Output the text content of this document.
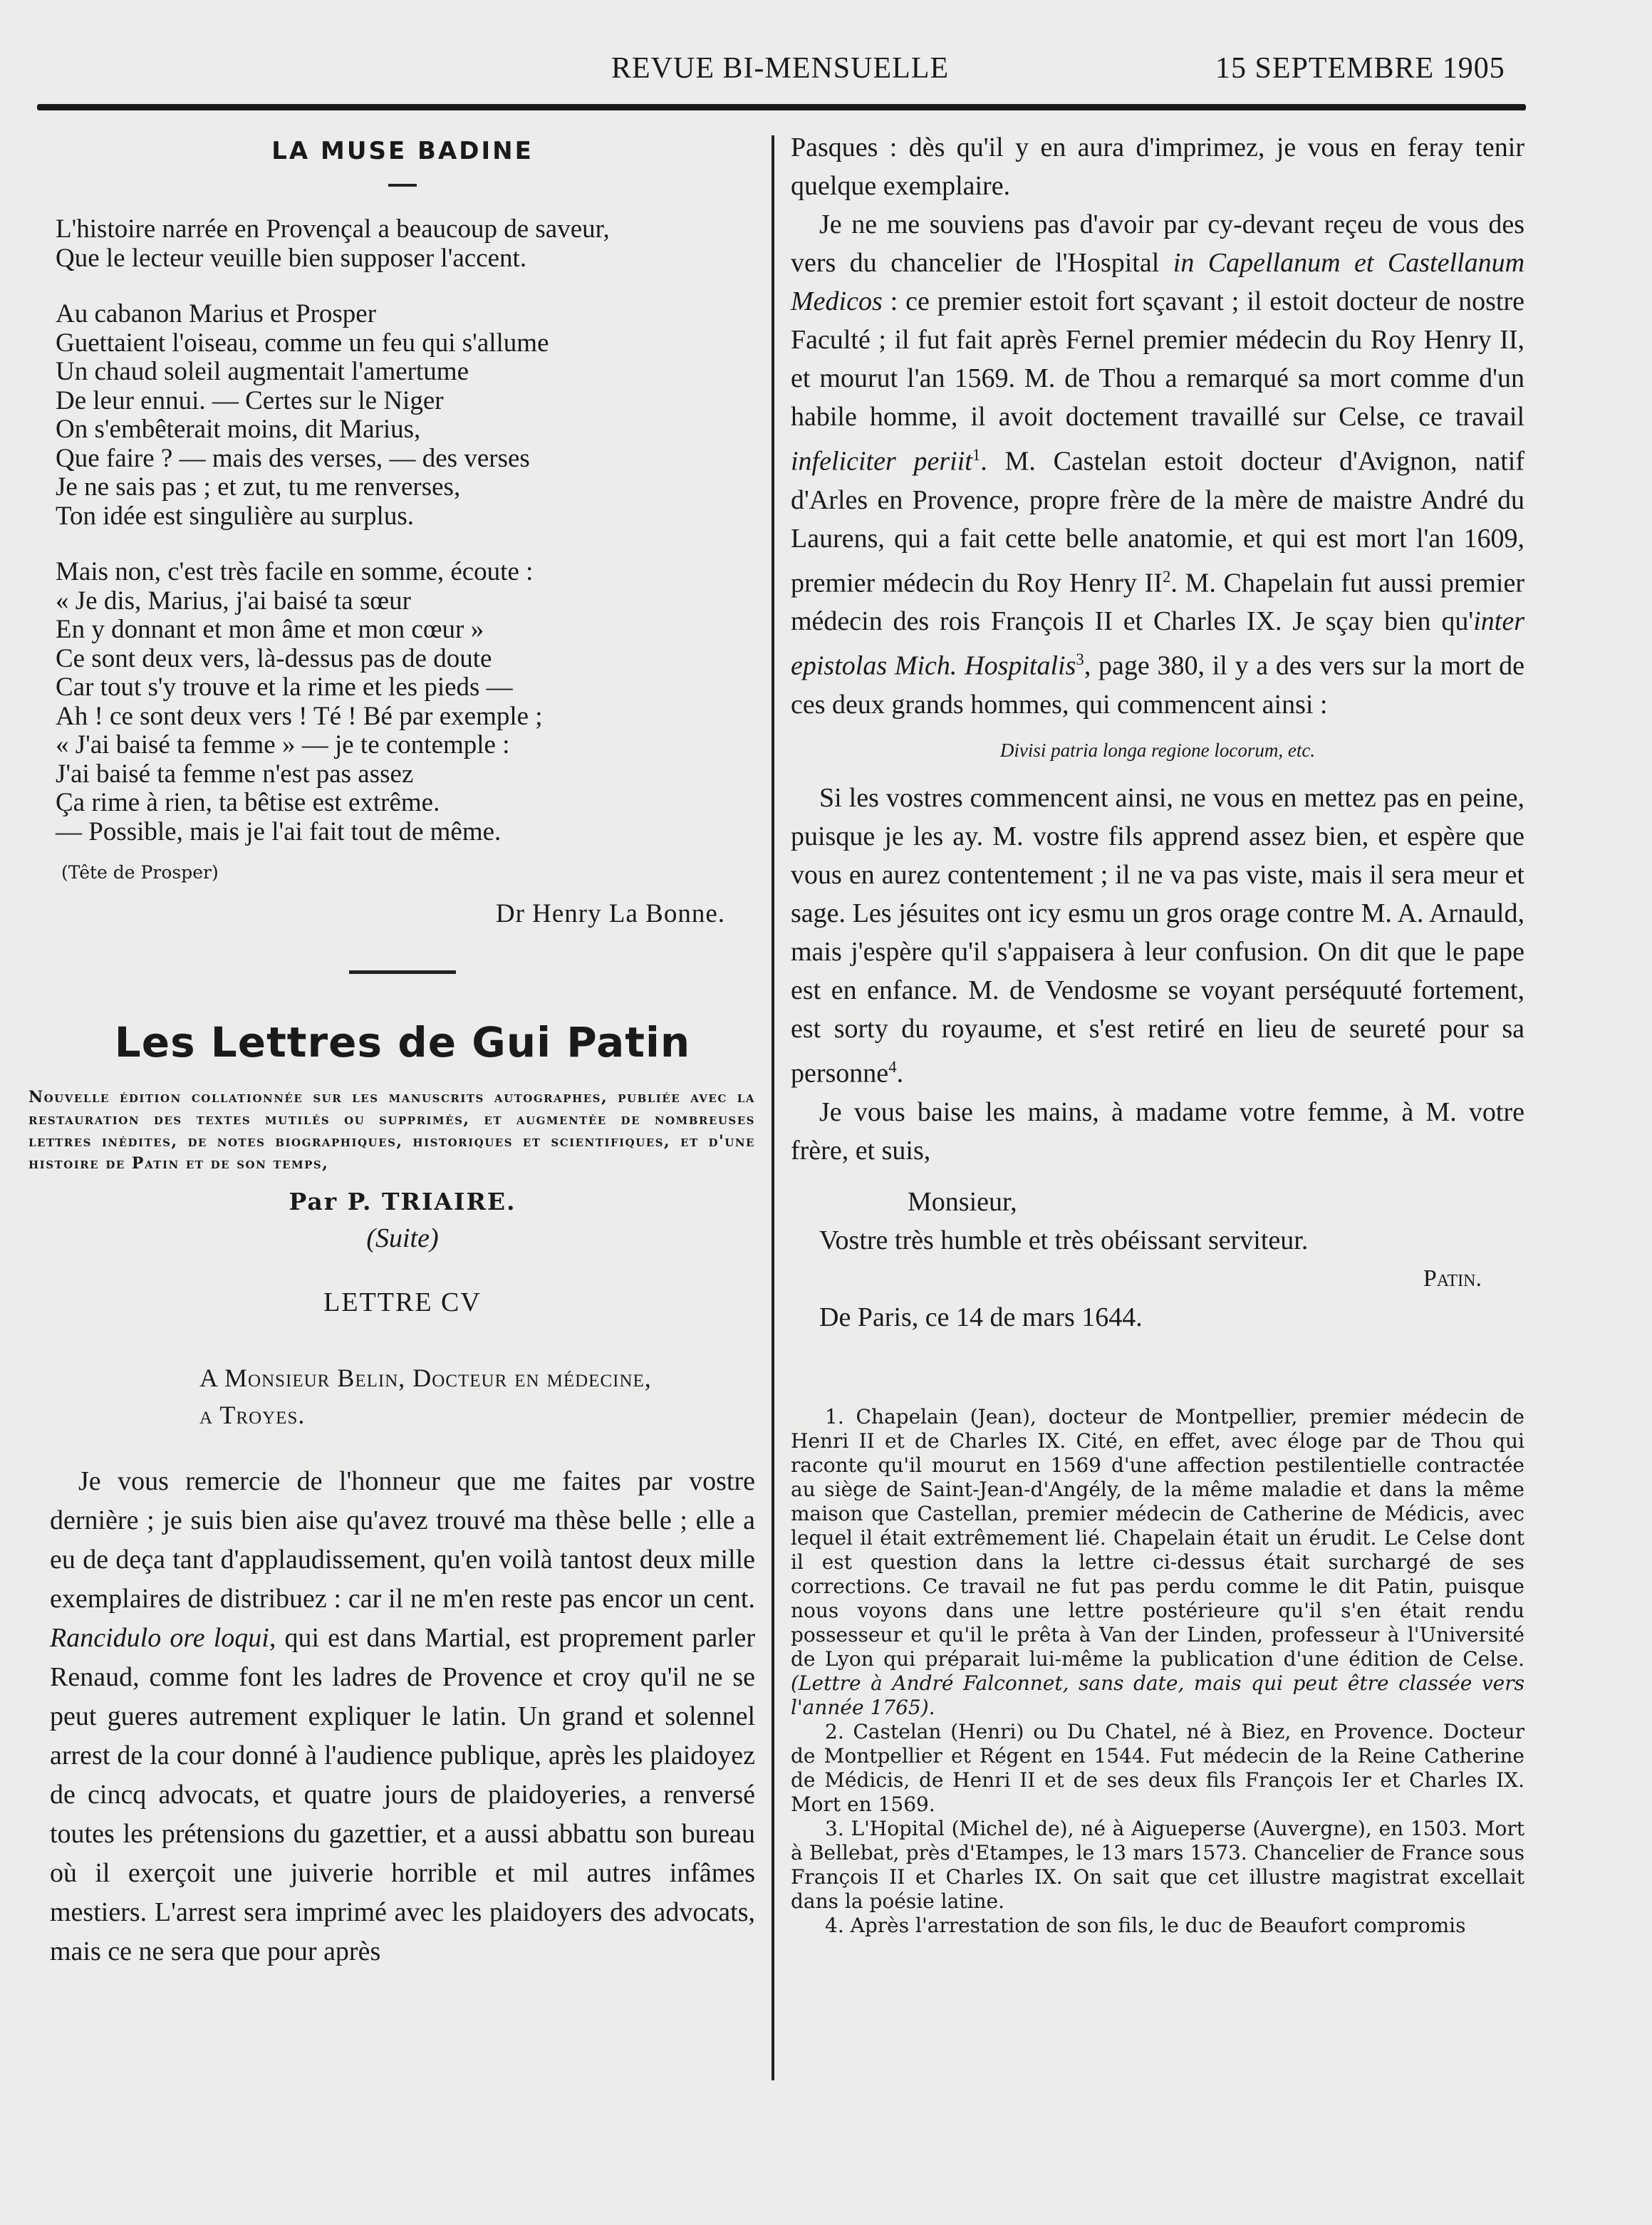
REVUE BI-MENSUELLE	15 SEPTEMBRE 1905
LA MUSE BADINE
L'histoire narrée en Provençal a beaucoup de saveur,
Que le lecteur veuille bien supposer l'accent.
Au cabanon Marius et Prosper
Guettaient l'oiseau, comme un feu qui s'allume
Un chaud soleil augmentait l'amertume
De leur ennui. — Certes sur le Niger
On s'embêterait moins, dit Marius,
Que faire ? — mais des verses, — des verses
Je ne sais pas ; et zut, tu me renverses,
Ton idée est singulière au surplus.
Mais non, c'est très facile en somme, écoute :
« Je dis, Marius, j'ai baisé ta sœur
En y donnant et mon âme et mon cœur »
Ce sont deux vers, là-dessus pas de doute
Car tout s'y trouve et la rime et les pieds —
Ah ! ce sont deux vers ! Té ! Bé par exemple ;
« J'ai baisé ta femme » — je te contemple :
J'ai baisé ta femme n'est pas assez
Ça rime à rien, ta bêtise est extrême.
— Possible, mais je l'ai fait tout de même.
(Tête de Prosper)
Dr Henry La Bonne.
Les Lettres de Gui Patin
Nouvelle édition collationnée sur les manuscrits autographes, publiée avec la restauration des textes mutilés ou supprimés, et augmentée de nombreuses lettres inédites, de notes biographiques, historiques et scientifiques, et d'une histoire de Patin et de son temps,
Par P. TRIAIRE.
(Suite)
LETTRE CV
A Monsieur Belin, Docteur en médecine,
a Troyes.

Je vous remercie de l'honneur que me faites par vostre dernière ; je suis bien aise qu'avez trouvé ma thèse belle ; elle a eu de deça tant d'applaudissement, qu'en voilà tantost deux mille exemplaires de distribuez : car il ne m'en reste pas encor un cent. Rancidulo ore loqui, qui est dans Martial, est proprement parler Renaud, comme font les ladres de Provence et croy qu'il ne se peut gueres autrement expliquer le latin. Un grand et solennel arrest de la cour donné à l'audience publique, après les plaidoyez de cincq advocats, et quatre jours de plaidoyeries, a renversé toutes les prétensions du gazettier, et a aussi abbattu son bureau où il exerçoit une juiverie horrible et mil autres infâmes mestiers. L'arrest sera imprimé avec les plaidoyers des advocats, mais ce ne sera que pour après

Pasques : dès qu'il y en aura d'imprimez, je vous en feray tenir quelque exemplaire.

Je ne me souviens pas d'avoir par cy-devant reçeu de vous des vers du chancelier de l'Hospital in Capellanum et Castellanum Medicos : ce premier estoit fort sçavant ; il estoit docteur de nostre Faculté ; il fut fait après Fernel premier médecin du Roy Henry II, et mourut l'an 1569. M. de Thou a remarqué sa mort comme d'un habile homme, il avoit doctement travaillé sur Celse, ce travail infeliciter periit$^1$. M. Castelan estoit docteur d'Avignon, natif d'Arles en Provence, propre frère de la mère de maistre André du Laurens, qui a fait cette belle anatomie, et qui est mort l'an 1609, premier médecin du Roy Henry $II^2$. M. Chapelain fut aussi premier médecin des rois François II et Charles IX. Je sçay bien qu'inter epistolas Mich. Hospitalis$^3$, page 380, il y a des vers sur la mort de ces deux grands hommes, qui commencent ainsi :

Divisi patria longa regione locorum, etc.

Si les vostres commencent ainsi, ne vous en mettez pas en peine, puisque je les ay. M. vostre fils apprend assez bien, et espère que vous en aurez contentement ; il ne va pas viste, mais il sera meur et sage. Les jésuites ont icy esmu un gros orage contre M. A. Arnauld, mais j'espère qu'il s'appaisera à leur confusion. On dit que le pape est en enfance. M. de Vendosme se voyant perséquuté fortement, est sorty du royaume, et s'est retiré en lieu de seureté pour sa personne$^4$.

Je vous baise les mains, à madame votre femme, à M. votre frère, et suis,

Monsieur,
Vostre très humble et très obéissant serviteur.
Patin.
De Paris, ce 14 de mars 1644.

1. Chapelain (Jean), docteur de Montpellier, premier médecin de Henri II et de Charles IX. Cité, en effet, avec éloge par de Thou qui raconte qu'il mourut en 1569 d'une affection pestilentielle contractée au siège de Saint-Jean-d'Angély, de la même maladie et dans la même maison que Castellan, premier médecin de Catherine de Médicis, avec lequel il était extrêmement lié. Chapelain était un érudit. Le Celse dont il est question dans la lettre ci-dessus était surchargé de ses corrections. Ce travail ne fut pas perdu comme le dit Patin, puisque nous voyons dans une lettre postérieure qu'il s'en était rendu possesseur et qu'il le prêta à Van der Linden, professeur à l'Université de Lyon qui préparait lui-même la publication d'une édition de Celse. (Lettre à André Falconnet, sans date, mais qui peut être classée vers l'année 1765).

2. Castelan (Henri) ou Du Chatel, né à Biez, en Provence. Docteur de Montpellier et Régent en 1544. Fut médecin de la Reine Catherine de Médicis, de Henri II et de ses deux fils François Ier et Charles IX. Mort en 1569.

3. L'Hopital (Michel de), né à Aigueperse (Auvergne), en 1503. Mort à Bellebat, près d'Etampes, le 13 mars 1573. Chancelier de France sous François II et Charles IX. On sait que cet illustre magistrat excellait dans la poésie latine.

4. Après l'arrestation de son fils, le duc de Beaufort compromis
